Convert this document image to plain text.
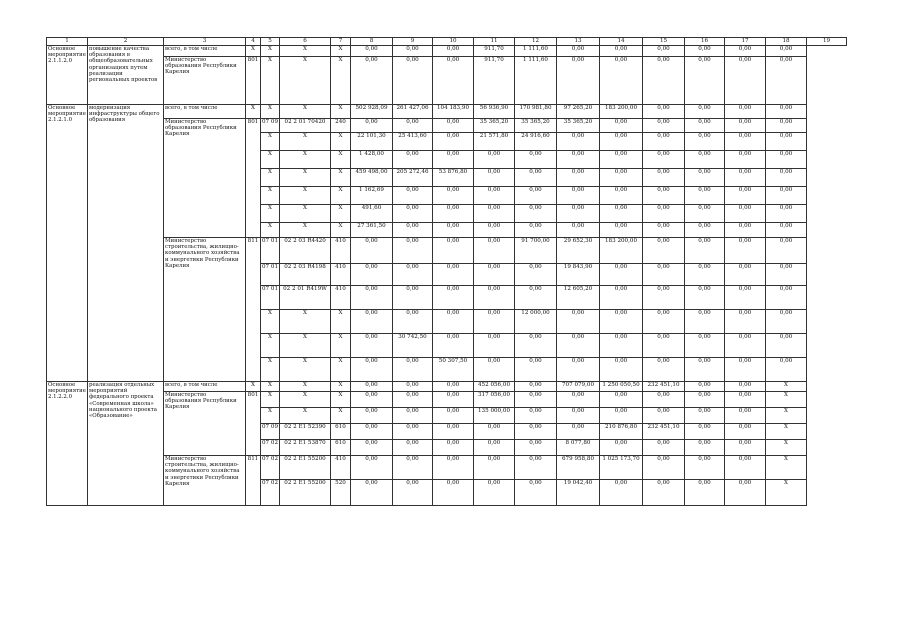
1	2	3	4	5	6	7	8	9	10	11	12	13	14	15	16	17	18	19
Основное мероприятие 2.1.1.2.0	повышение качества образования в общеобразовательных организациях путем реализации региональных проектов	всего, в том числе	X	X	X	X	0,00	0,00	0,00	911,70	1 111,60	0,00	0,00	0,00	0,00	0,00	0,00	
		Министерство образования Республики Карелия	801	X	X	X	0,00	0,00	0,00	911,70	1 111,60	0,00	0,00	0,00	0,00	0,00	0,00	
Основное мероприятие 2.1.2.1.0	модернизация инфраструктуры общего образования	всего, в том числе	X	X	X	X	502 928,09	261 427,06	104 183,90	56 936,90	170 981,80	97 265,20	183 200,00	0,00	0,00	0,00	0,00	
		Министерство образования Республики Карелия	801	07 09	02 2 01 70420	240	0,00	0,00	0,00	35 365,20	35 365,20	35 365,20	0,00	0,00	0,00	0,00	0,00	
				X	X	X	22 101,30	25 413,60	0,00	21 571,80	24 916,60	0,00	0,00	0,00	0,00	0,00	0,00	
				X	X	X	1 428,00	0,00	0,00	0,00	0,00	0,00	0,00	0,00	0,00	0,00	0,00	
				X	X	X	459 498,00	205 272,46	53 876,80	0,00	0,00	0,00	0,00	0,00	0,00	0,00	0,00	
				X	X	X	1 162,69	0,00	0,00	0,00	0,00	0,00	0,00	0,00	0,00	0,00	0,00	
				X	X	X	491,60	0,00	0,00	0,00	0,00	0,00	0,00	0,00	0,00	0,00	0,00	
				X	X	X	27 361,50	0,00	0,00	0,00	0,00	0,00	0,00	0,00	0,00	0,00	0,00	
		Министерство строительства, жилищно-коммунального хозяйства и энергетики Республики Карелия	811	07 01	02 2 03 R4420	410	0,00	0,00	0,00	0,00	91 700,00	29 652,30	183 200,00	0,00	0,00	0,00	0,00	
				07 01	02 2 03 R4198	410	0,00	0,00	0,00	0,00	0,00	19 843,90	0,00	0,00	0,00	0,00	0,00	
				07 01	02 2 01 R419W	410	0,00	0,00	0,00	0,00	0,00	12 605,20	0,00	0,00	0,00	0,00	0,00	
				X	X	X	0,00	0,00	0,00	0,00	12 000,00	0,00	0,00	0,00	0,00	0,00	0,00	
				X	X	X	0,00	30 742,50	0,00	0,00	0,00	0,00	0,00	0,00	0,00	0,00	0,00	
				X	X	X	0,00	0,00	50 307,50	0,00	0,00	0,00	0,00	0,00	0,00	0,00	0,00	
Основное мероприятие 2.1.2.2.0	реализация отдельных мероприятий федерального проекта «Современная школа» национального проекта «Образование»	всего, в том числе	X	X	X	X	0,00	0,00	0,00	452 056,00	0,00	707 079,00	1 250 050,50	232 451,10	0,00	0,00	X	
		Министерство образования Республики Карелия	801	X	X	X	0,00	0,00	0,00	317 056,00	0,00	0,00	0,00	0,00	0,00	0,00	X	
				X	X	X	0,00	0,00	0,00	135 000,00	0,00	0,00	0,00	0,00	0,00	0,00	X	
				07 09	02 2 E1 52390	610	0,00	0,00	0,00	0,00	0,00	0,00	210 876,80	232 451,10	0,00	0,00	X	
				07 02	02 2 E1 53870	610	0,00	0,00	0,00	0,00	0,00	8 077,80	0,00	0,00	0,00	0,00	X	
		Министерство строительства, жилищно-коммунального хозяйства и энергетики Республики Карелия	811	07 02	02 2 E1 55200	410	0,00	0,00	0,00	0,00	0,00	679 958,80	1 025 173,70	0,00	0,00	0,00	X	
				07 02	02 2 E1 55200	520	0,00	0,00	0,00	0,00	0,00	19 042,40	0,00	0,00	0,00	0,00	X	
